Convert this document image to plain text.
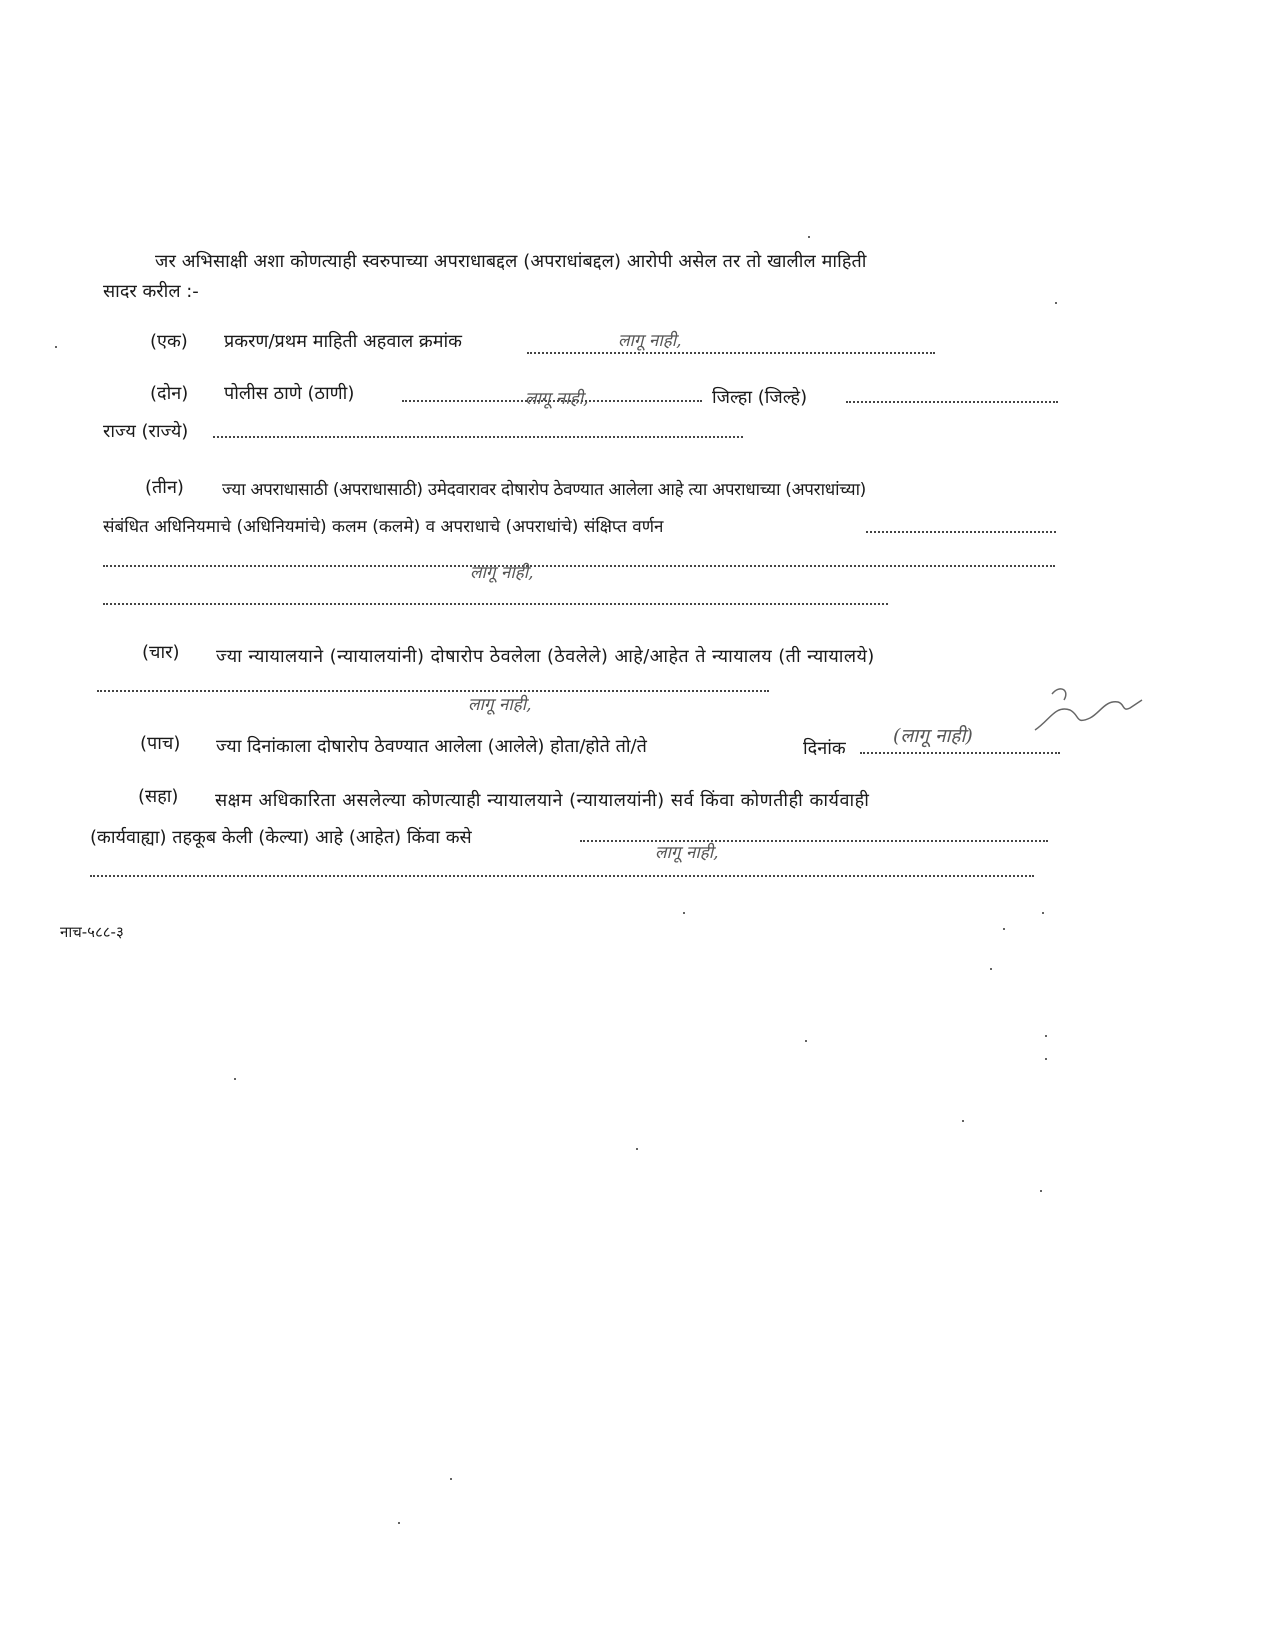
जर अभिसाक्षी अशा कोणत्याही स्वरुपाच्या अपराधाबद्दल (अपराधांबद्दल) आरोपी असेल तर तो खालील माहिती
सादर करील :-
(एक) प्रकरण/प्रथम माहिती अहवाल क्रमांक	लागू नाही,
(दोन) पोलीस ठाणे (ठाणी)	लागू नाही,	जिल्हा (जिल्हे)
राज्य (राज्ये)
(तीन) ज्या अपराधासाठी (अपराधासाठी) उमेदवारावर दोषारोप ठेवण्यात आलेला आहे त्या अपराधाच्या (अपराधांच्या)
संबंधित अधिनियमाचे (अधिनियमांचे) कलम (कलमे) व अपराधाचे (अपराधांचे) संक्षिप्त वर्णन
लागू नाही,
(चार) ज्या न्यायालयाने (न्यायालयांनी) दोषारोप ठेवलेला (ठेवलेले) आहे/आहेत ते न्यायालय (ती न्यायालये)
लागू नाही,
(पाच) ज्या दिनांकाला दोषारोप ठेवण्यात आलेला (आलेले) होता/होते तो/ते	दिनांक
(लागू नाही)
(सहा) सक्षम अधिकारिता असलेल्या कोणत्याही न्यायालयाने (न्यायालयांनी) सर्व किंवा कोणतीही कार्यवाही
(कार्यवाह्या) तहकूब केली (केल्या) आहे (आहेत) किंवा कसे
लागू नाही,
नाच-५८८-३
